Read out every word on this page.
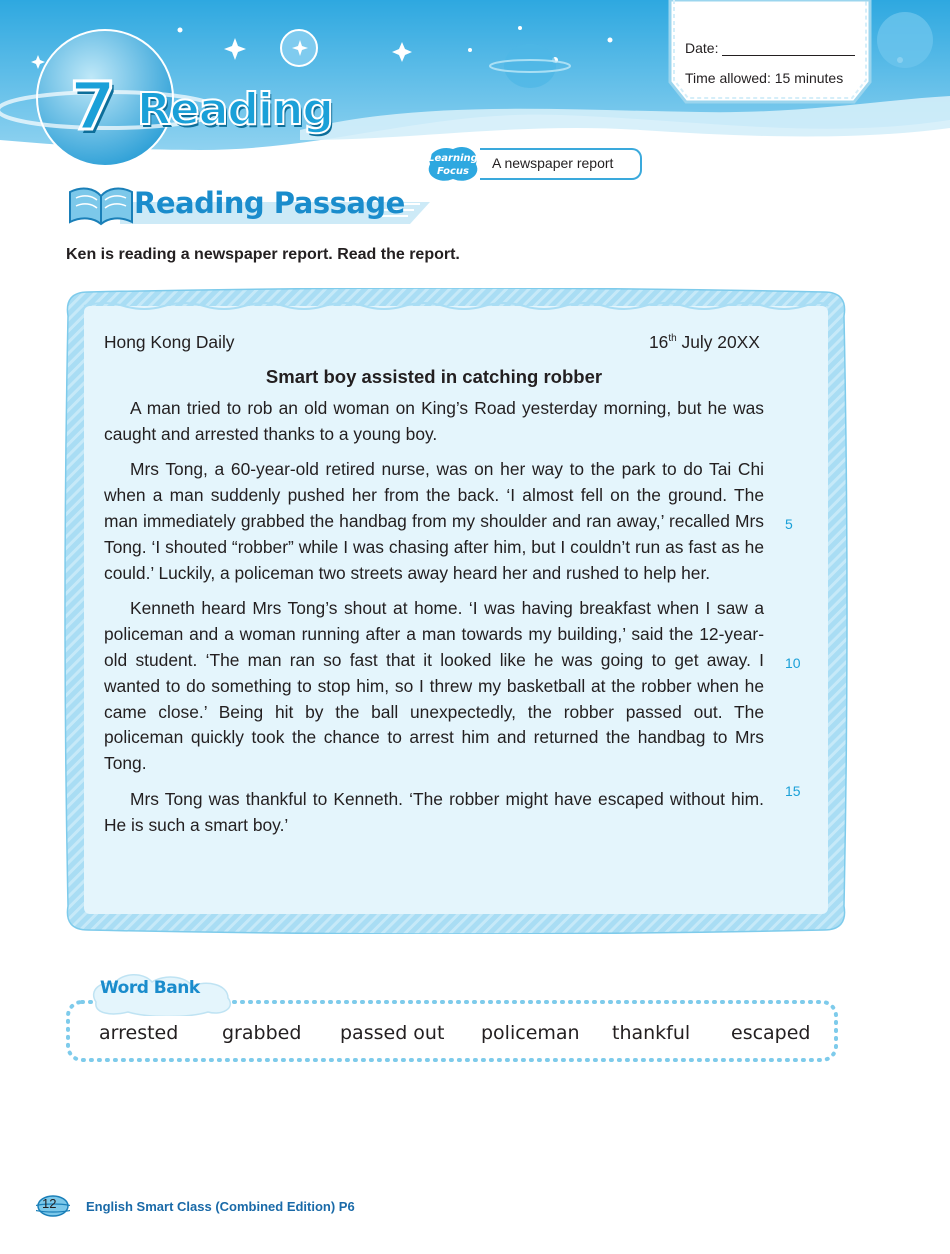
7 Reading
Date:
Time allowed: 15 minutes
Learning
Focus
A newspaper report
Reading Passage
Ken is reading a newspaper report. Read the report.
Hong Kong Daily	16th July 20XX
Smart boy assisted in catching robber

A man tried to rob an old woman on King’s Road yesterday morning, but he was caught and arrested thanks to a young boy.

Mrs Tong, a 60-year-old retired nurse, was on her way to the park to do Tai Chi when a man suddenly pushed her from the back. ‘I almost fell on the ground. The man immediately grabbed the handbag from my shoulder and ran away,’ recalled Mrs Tong. ‘I shouted “robber” while I was chasing after him, but I couldn’t run as fast as he could.’ Luckily, a policeman two streets away heard her and rushed to help her.

Kenneth heard Mrs Tong’s shout at home. ‘I was having breakfast when I saw a policeman and a woman running after a man towards my building,’ said the 12-year-old student. ‘The man ran so fast that it looked like he was going to get away. I wanted to do something to stop him, so I threw my basketball at the robber when he came close.’ Being hit by the ball unexpectedly, the robber passed out. The policeman quickly took the chance to arrest him and returned the handbag to Mrs Tong.

Mrs Tong was thankful to Kenneth. ‘The robber might have escaped without him. He is such a smart boy.’

5
10
15
Word Bank
arrested grabbed passed out policeman thankful escaped
12 English Smart Class (Combined Edition) P6
